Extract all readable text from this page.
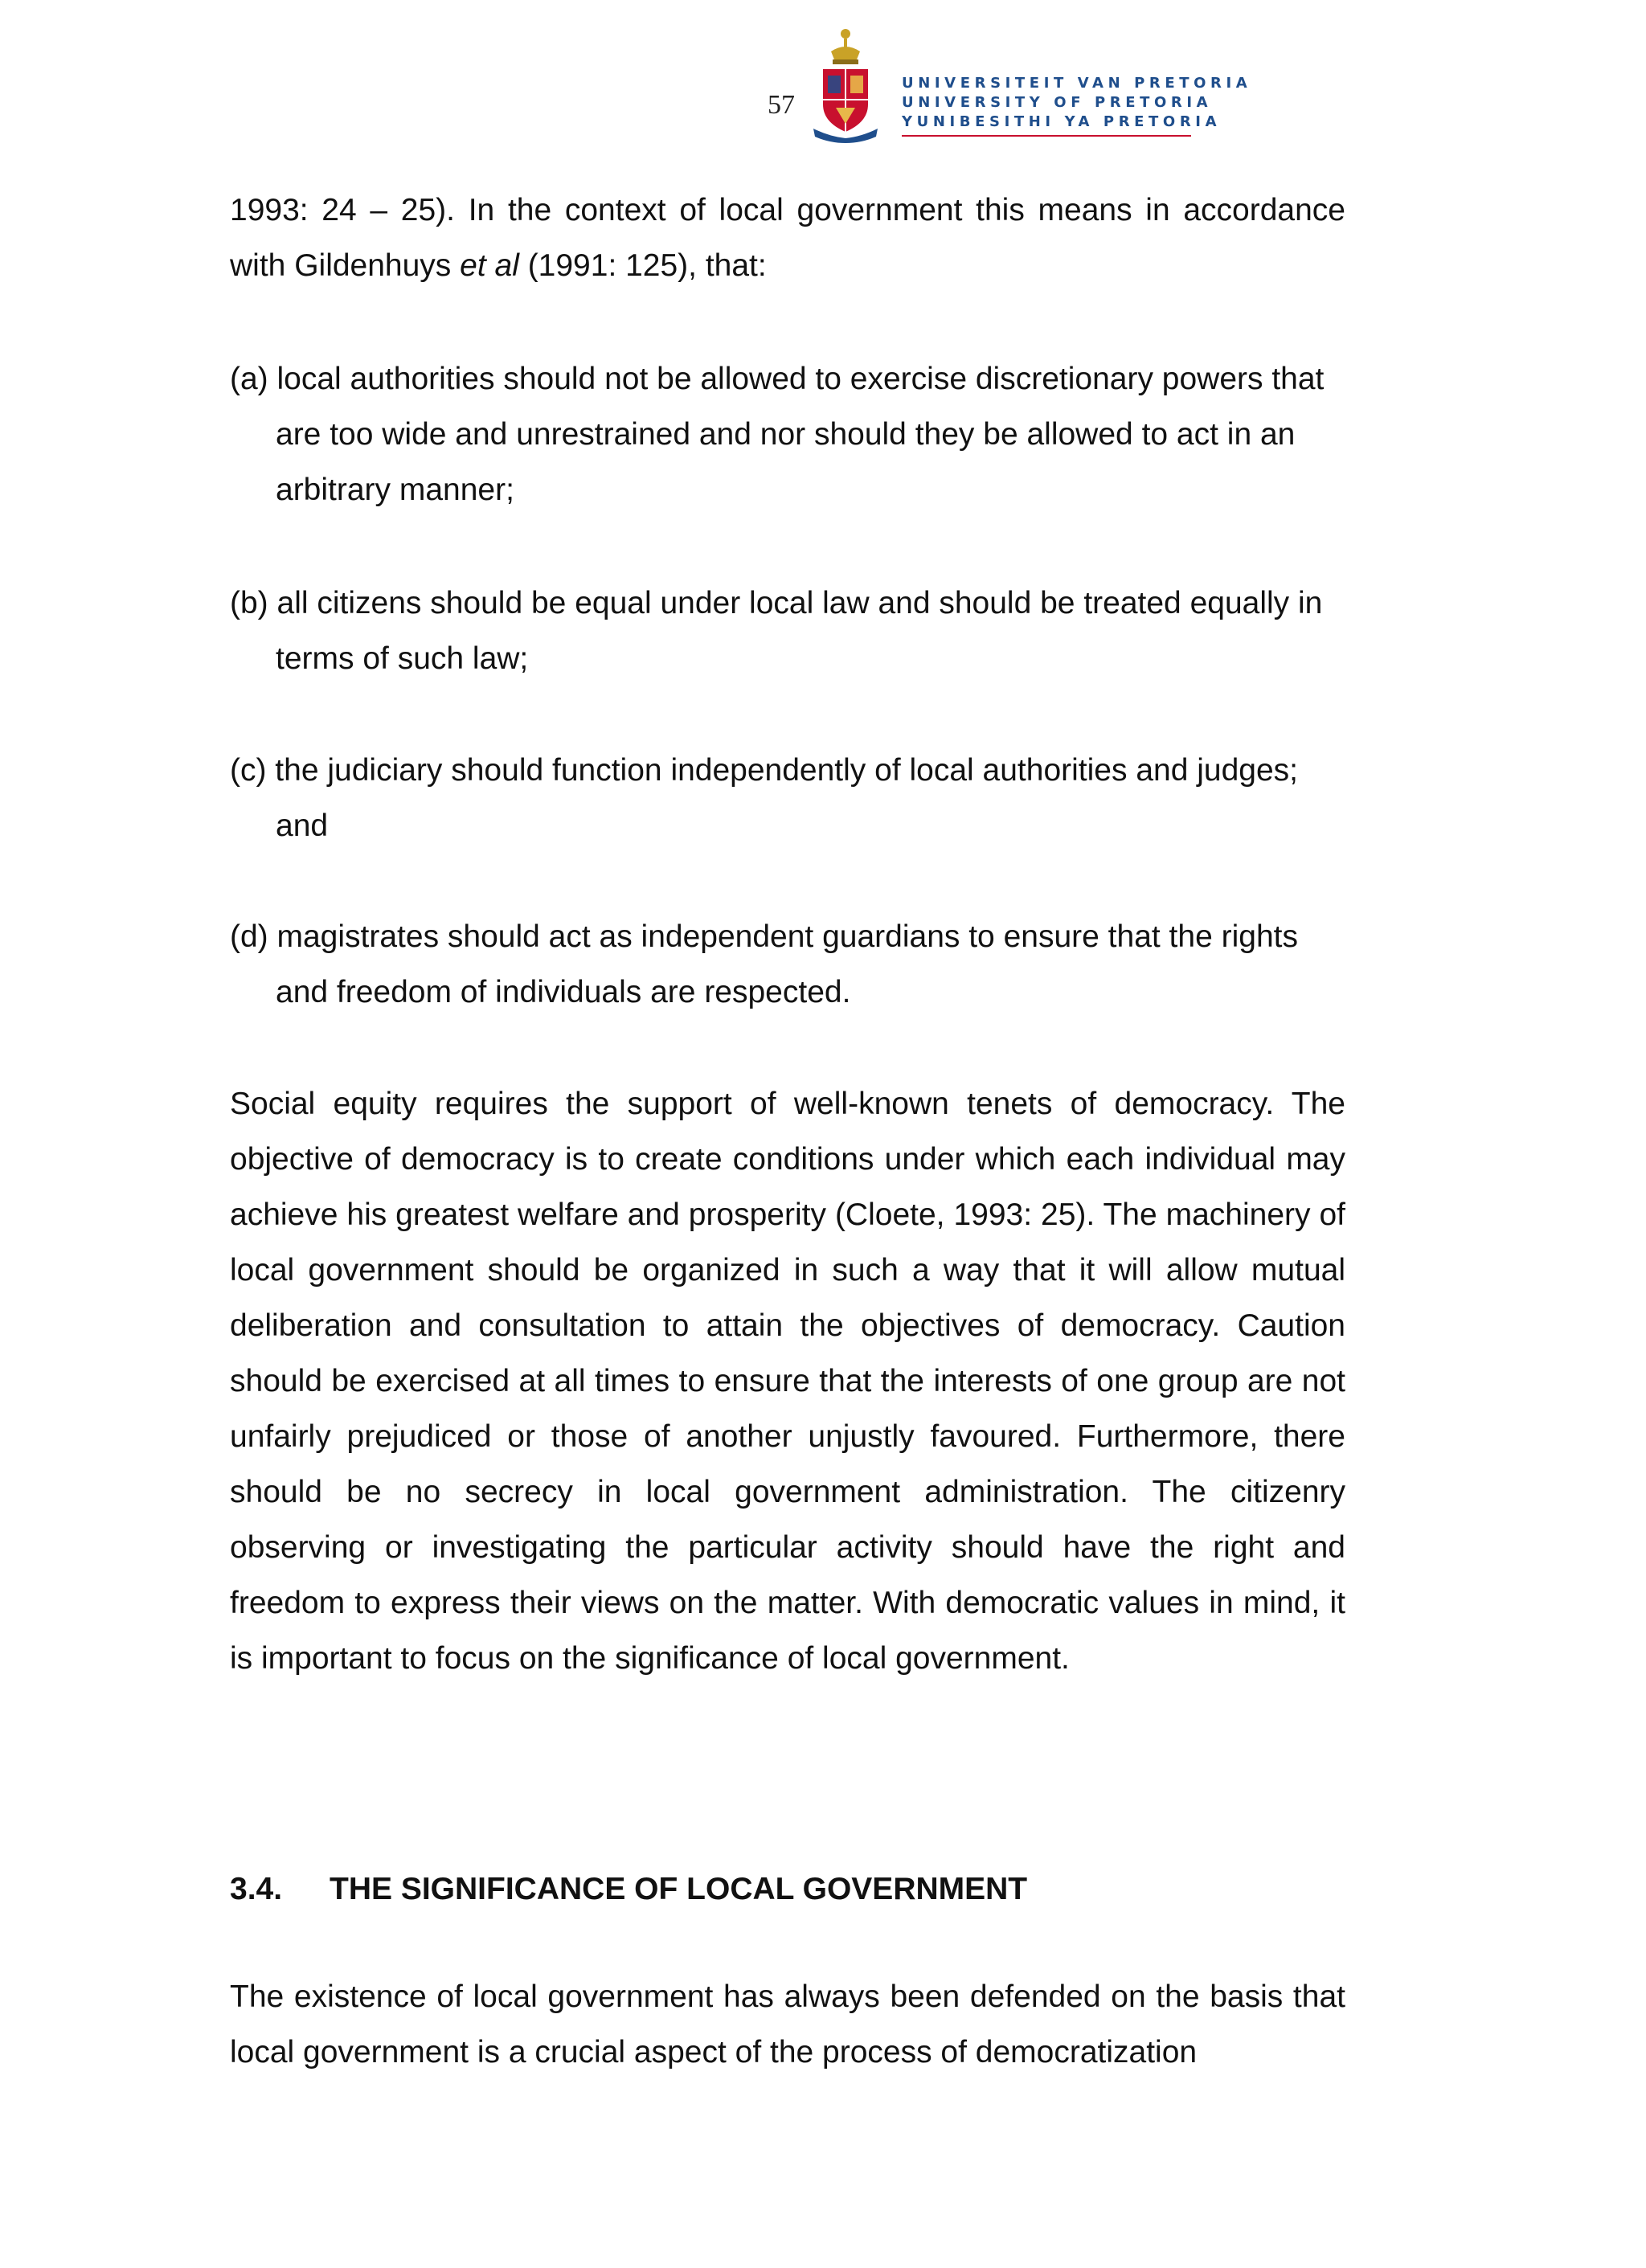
57
UNIVERSITEIT VAN PRETORIA
UNIVERSITY OF PRETORIA
YUNIBESITHI YA PRETORIA
1993: 24 – 25). In the context of local government this means in accordance with Gildenhuys et al (1991: 125), that:
(a) local authorities should not be allowed to exercise discretionary powers that are too wide and unrestrained and nor should they be allowed to act in an arbitrary manner;
(b) all citizens should be equal under local law and should be treated equally in terms of such law;
(c) the judiciary should function independently of local authorities and judges; and
(d) magistrates should act as independent guardians to ensure that the rights and freedom of individuals are respected.
Social equity requires the support of well-known tenets of democracy. The objective of democracy is to create conditions under which each individual may achieve his greatest welfare and prosperity (Cloete, 1993: 25). The machinery of local government should be organized in such a way that it will allow mutual deliberation and consultation to attain the objectives of democracy. Caution should be exercised at all times to ensure that the interests of one group are not unfairly prejudiced or those of another unjustly favoured. Furthermore, there should be no secrecy in local government administration. The citizenry observing or investigating the particular activity should have the right and freedom to express their views on the matter. With democratic values in mind, it is important to focus on the significance of local government.
3.4. THE SIGNIFICANCE OF LOCAL GOVERNMENT
The existence of local government has always been defended on the basis that local government is a crucial aspect of the process of democratization
